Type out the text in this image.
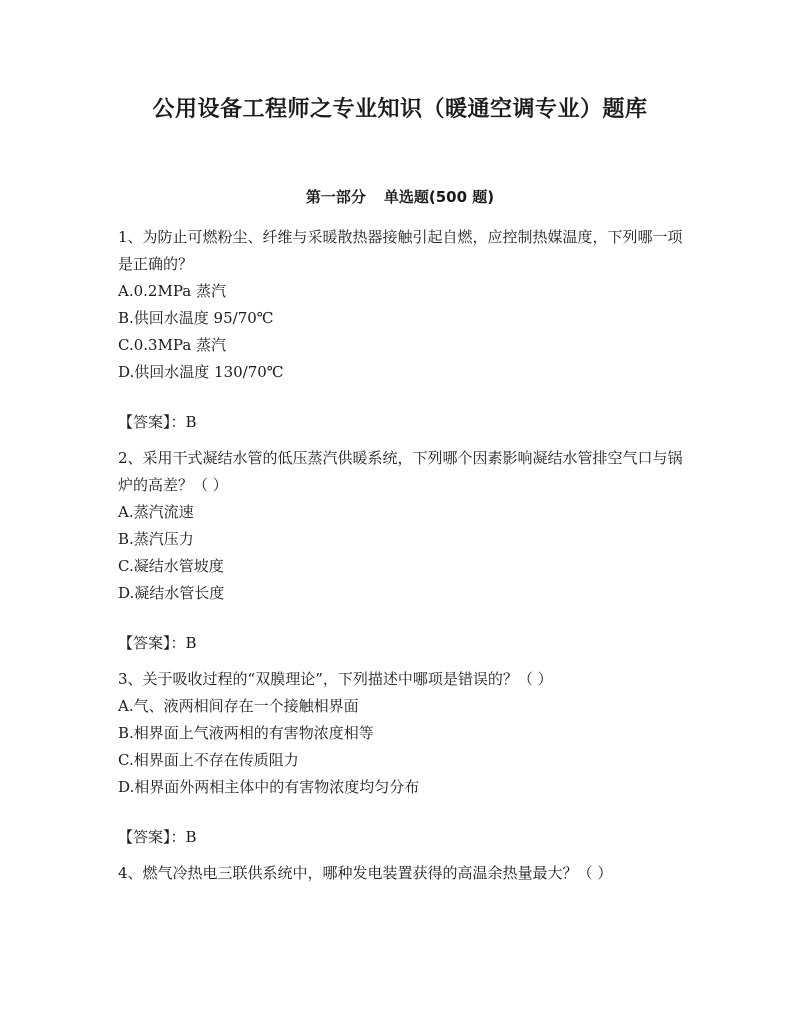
公用设备工程师之专业知识（暖通空调专业）题库
第一部分 单选题(500 题)

1、为防止可燃粉尘、纤维与采暖散热器接触引起自燃，应控制热媒温度，下列哪一项是正确的？

A.0.2MPa 蒸汽

B.供回水温度 95/70℃

C.0.3MPa 蒸汽

D.供回水温度 130/70℃

【答案】：B

2、采用干式凝结水管的低压蒸汽供暖系统，下列哪个因素影响凝结水管排空气口与锅炉的高差？（ ）

A.蒸汽流速

B.蒸汽压力

C.凝结水管坡度

D.凝结水管长度

【答案】：B

3、关于吸收过程的“双膜理论”，下列描述中哪项是错误的？（ ）

A.气、液两相间存在一个接触相界面

B.相界面上气液两相的有害物浓度相等

C.相界面上不存在传质阻力

D.相界面外两相主体中的有害物浓度均匀分布

【答案】：B

4、燃气冷热电三联供系统中，哪种发电装置获得的高温余热量最大？（ ）
